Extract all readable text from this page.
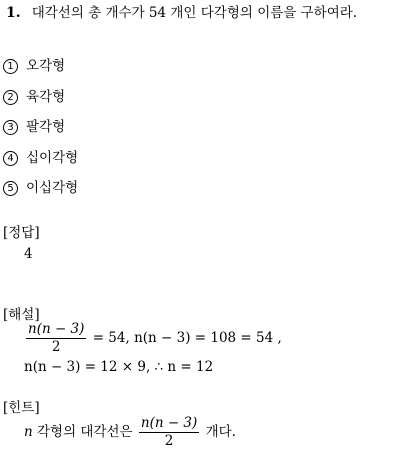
1. 대각선의 총 개수가 54 개인 다각형의 이름을 구하여라.
1 오각형
2 육각형
3 팔각형
4 십이각형
5 이십각형
[정답]
4
[해설]
$\frac{n(n - 3)}{2} = 54$, n(n − 3) = 108 = 54 ,
n(n − 3) = 12 × 9, ∴ n = 12
[힌트]
n 각형의 대각선은 $\frac{n(n - 3)}{2}$ 개다.
